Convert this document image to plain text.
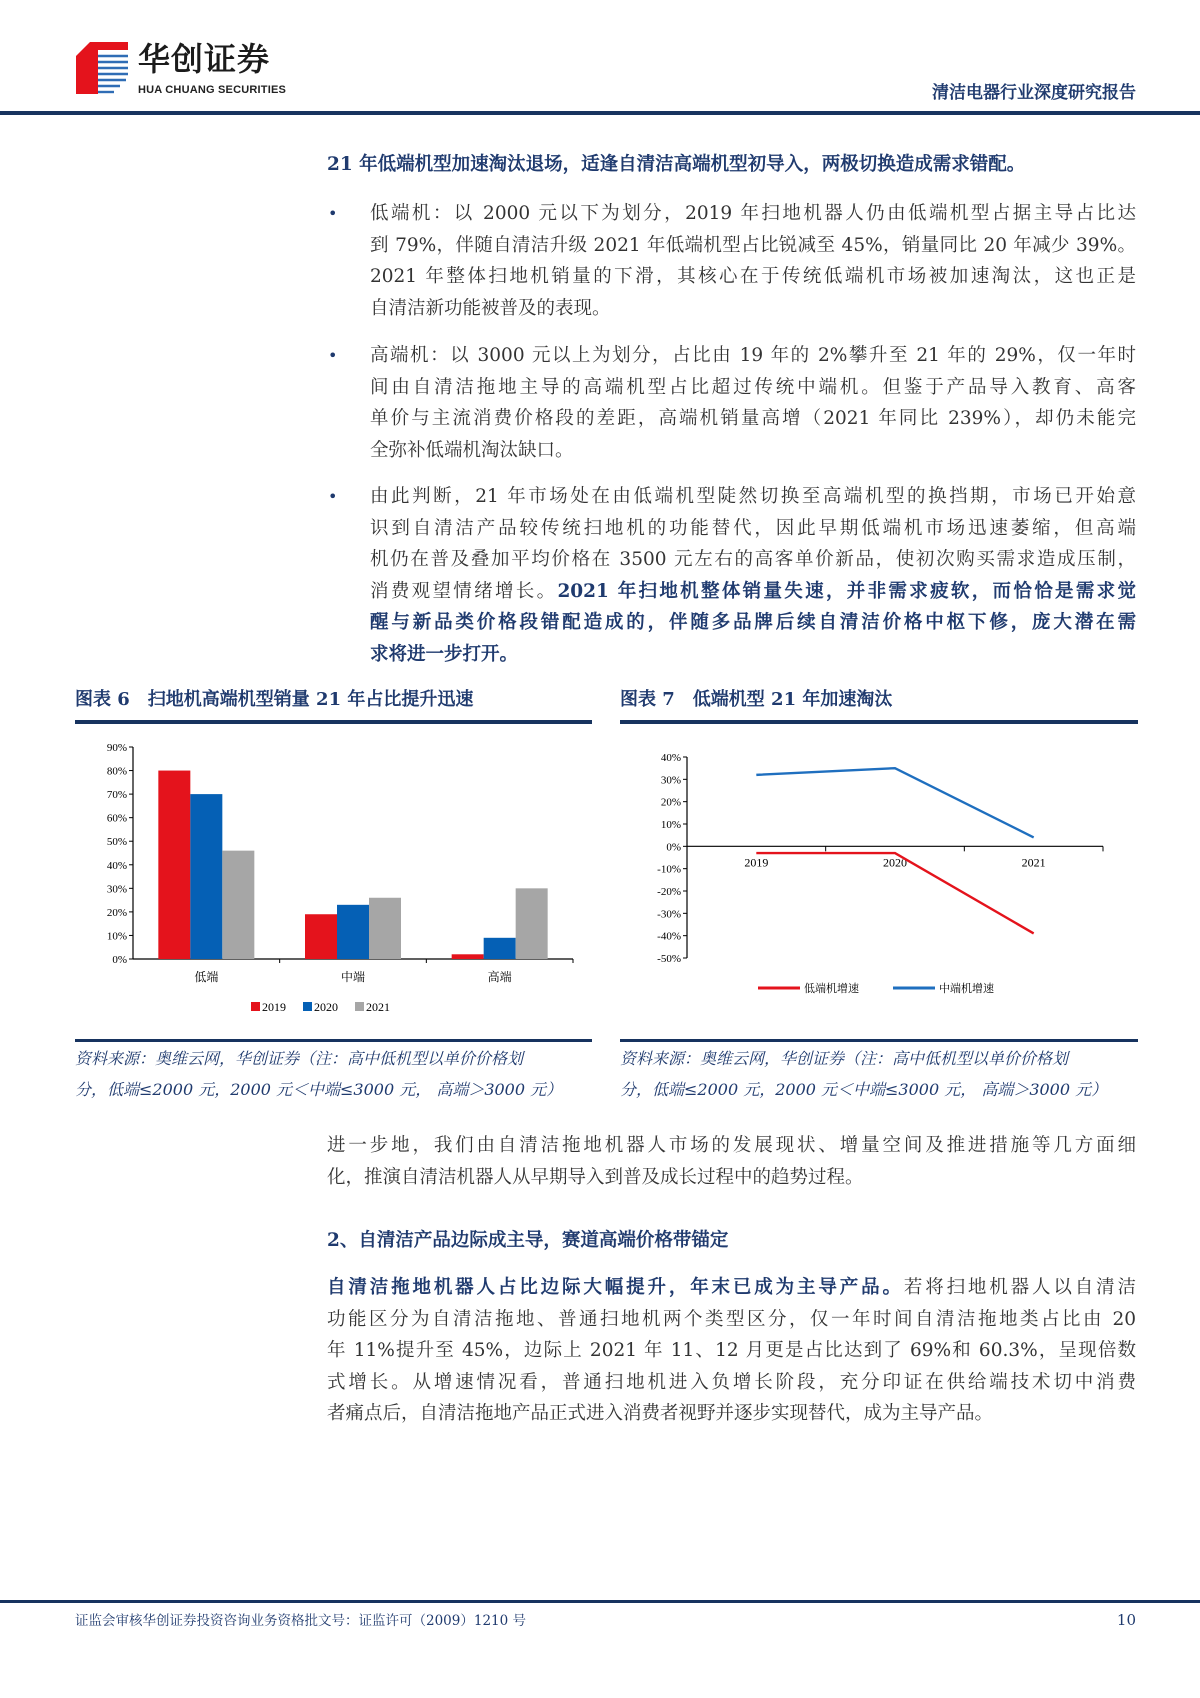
华创证券
HUA CHUANG SECURITIES	清洁电器行业深度研究报告
21 年低端机型加速淘汰退场，适逢自清洁高端机型初导入，两极切换造成需求错配。
• 低端机：以 2000 元以下为划分，2019 年扫地机器人仍由低端机型占据主导占比达
到 79%，伴随自清洁升级 2021 年低端机型占比锐减至 45%，销量同比 20 年减少 39%。
2021 年整体扫地机销量的下滑，其核心在于传统低端机市场被加速淘汰，这也正是
自清洁新功能被普及的表现。
• 高端机：以 3000 元以上为划分，占比由 19 年的 2%攀升至 21 年的 29%，仅一年时
间由自清洁拖地主导的高端机型占比超过传统中端机。但鉴于产品导入教育、高客
单价与主流消费价格段的差距，高端机销量高增（2021 年同比 239%），却仍未能完
全弥补低端机淘汰缺口。
• 由此判断，21 年市场处在由低端机型陡然切换至高端机型的换挡期，市场已开始意
识到自清洁产品较传统扫地机的功能替代，因此早期低端机市场迅速萎缩，但高端
机仍在普及叠加平均价格在 3500 元左右的高客单价新品，使初次购买需求造成压制，
消费观望情绪增长。2021 年扫地机整体销量失速，并非需求疲软，而恰恰是需求觉
醒与新品类价格段错配造成的，伴随多品牌后续自清洁价格中枢下修，庞大潜在需
求将进一步打开。
图表 6　扫地机高端机型销量 21 年占比提升迅速
0%
10%
20%
30%
40%
50%
60%
70%
80%
90%
低端	中端	高端
2019 2020 2021
资料来源：奥维云网，华创证券（注：高中低机型以单价价格划
分，低端≤2000 元，2000 元＜中端≤3000 元， 高端＞3000 元）
图表 7　低端机型 21 年加速淘汰
-50%
-40%
-30%
-20%
-10%
0%
10%
20%
30%
40%
2019	2020	2021
低端机增速	中端机增速
资料来源：奥维云网，华创证券（注：高中低机型以单价价格划
分，低端≤2000 元，2000 元＜中端≤3000 元， 高端＞3000 元）
进一步地，我们由自清洁拖地机器人市场的发展现状、增量空间及推进措施等几方面细
化，推演自清洁机器人从早期导入到普及成长过程中的趋势过程。
2、自清洁产品边际成主导，赛道高端价格带锚定
自清洁拖地机器人占比边际大幅提升，年末已成为主导产品。若将扫地机器人以自清洁
功能区分为自清洁拖地、普通扫地机两个类型区分，仅一年时间自清洁拖地类占比由 20
年 11%提升至 45%，边际上 2021 年 11、12 月更是占比达到了 69%和 60.3%，呈现倍数
式增长。从增速情况看，普通扫地机进入负增长阶段，充分印证在供给端技术切中消费
者痛点后，自清洁拖地产品正式进入消费者视野并逐步实现替代，成为主导产品。
证监会审核华创证券投资咨询业务资格批文号：证监许可（2009）1210 号	10
